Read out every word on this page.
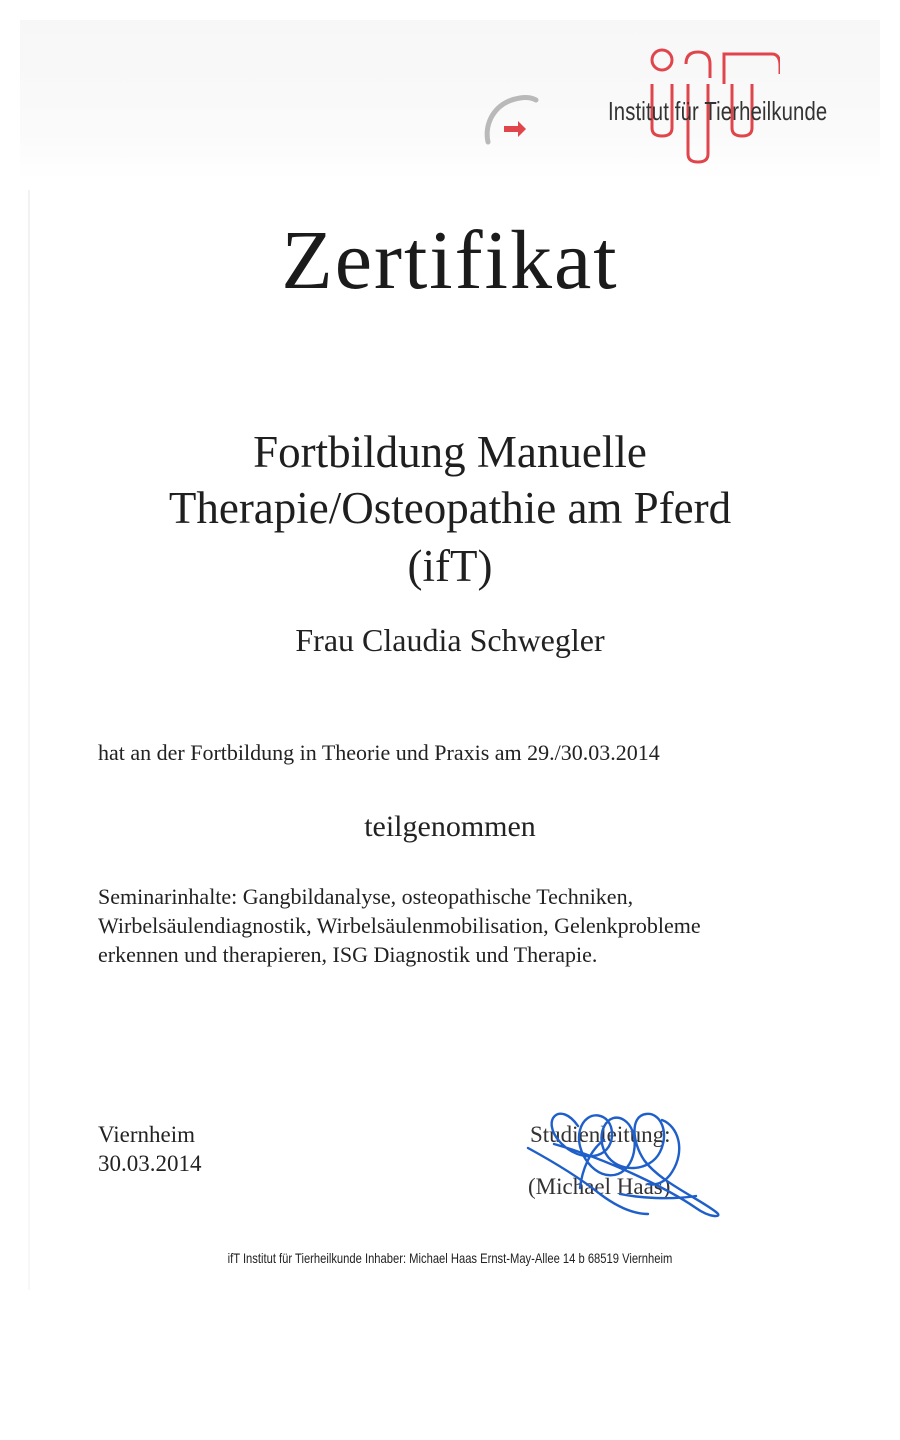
Institut für Tierheilkunde
Zertifikat
Fortbildung Manuelle
Therapie/Osteopathie am Pferd
(ifT)
Frau Claudia Schwegler
hat an der Fortbildung in Theorie und Praxis am 29./30.03.2014
teilgenommen
Seminarinhalte: Gangbildanalyse, osteopathische Techniken,
Wirbelsäulendiagnostik, Wirbelsäulenmobilisation, Gelenkprobleme
erkennen und therapieren, ISG Diagnostik und Therapie.
Viernheim
30.03.2014
Studienleitung:
(Michael Haas)
ifT Institut für Tierheilkunde Inhaber: Michael Haas Ernst-May-Allee 14 b 68519 Viernheim
